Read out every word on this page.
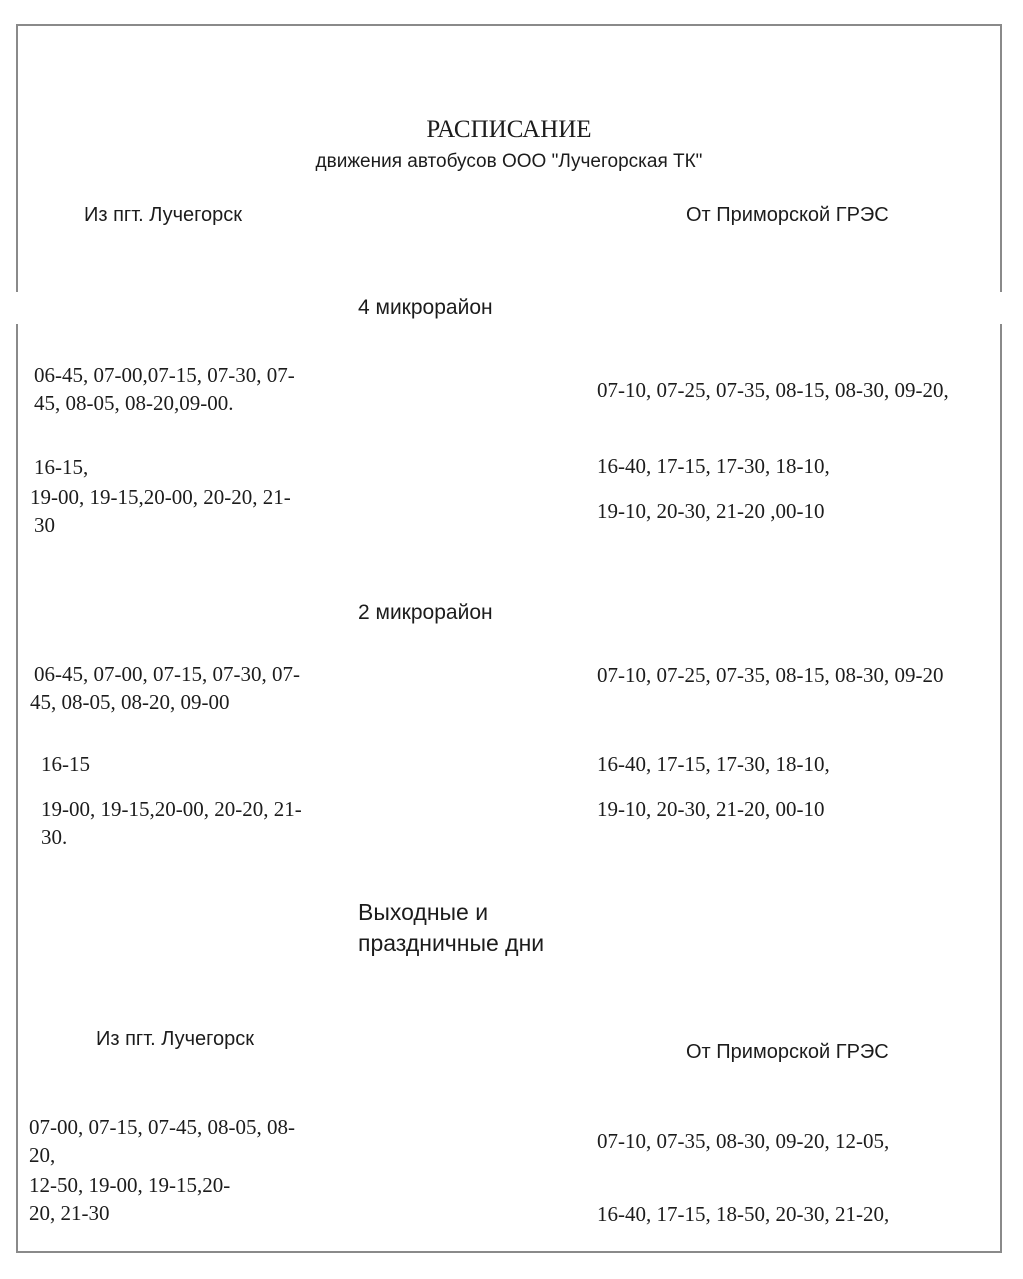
РАСПИСАНИЕ
движения автобусов ООО "Лучегорская ТК"
Из пгт. Лучегорск	От Приморской ГРЭС
4 микрорайон
06-45, 07-00,07-15, 07-30, 07-
45, 08-05, 08-20,09-00.
16-15,
19-00, 19-15,20-00, 20-20, 21-
30
07-10, 07-25, 07-35, 08-15, 08-30, 09-20,
16-40, 17-15, 17-30, 18-10,
19-10, 20-30, 21-20 ,00-10
2 микрорайон
06-45, 07-00, 07-15, 07-30, 07-
45, 08-05, 08-20, 09-00
16-15
19-00, 19-15,20-00, 20-20, 21-
30.
07-10, 07-25, 07-35, 08-15, 08-30, 09-20
16-40, 17-15, 17-30, 18-10,
19-10, 20-30, 21-20, 00-10
Выходные и
праздничные дни
Из пгт. Лучегорск
От Приморской ГРЭС
07-00, 07-15, 07-45, 08-05, 08-
20,
12-50, 19-00, 19-15,20-
20, 21-30
07-10, 07-35, 08-30, 09-20, 12-05,
16-40, 17-15, 18-50, 20-30, 21-20,
